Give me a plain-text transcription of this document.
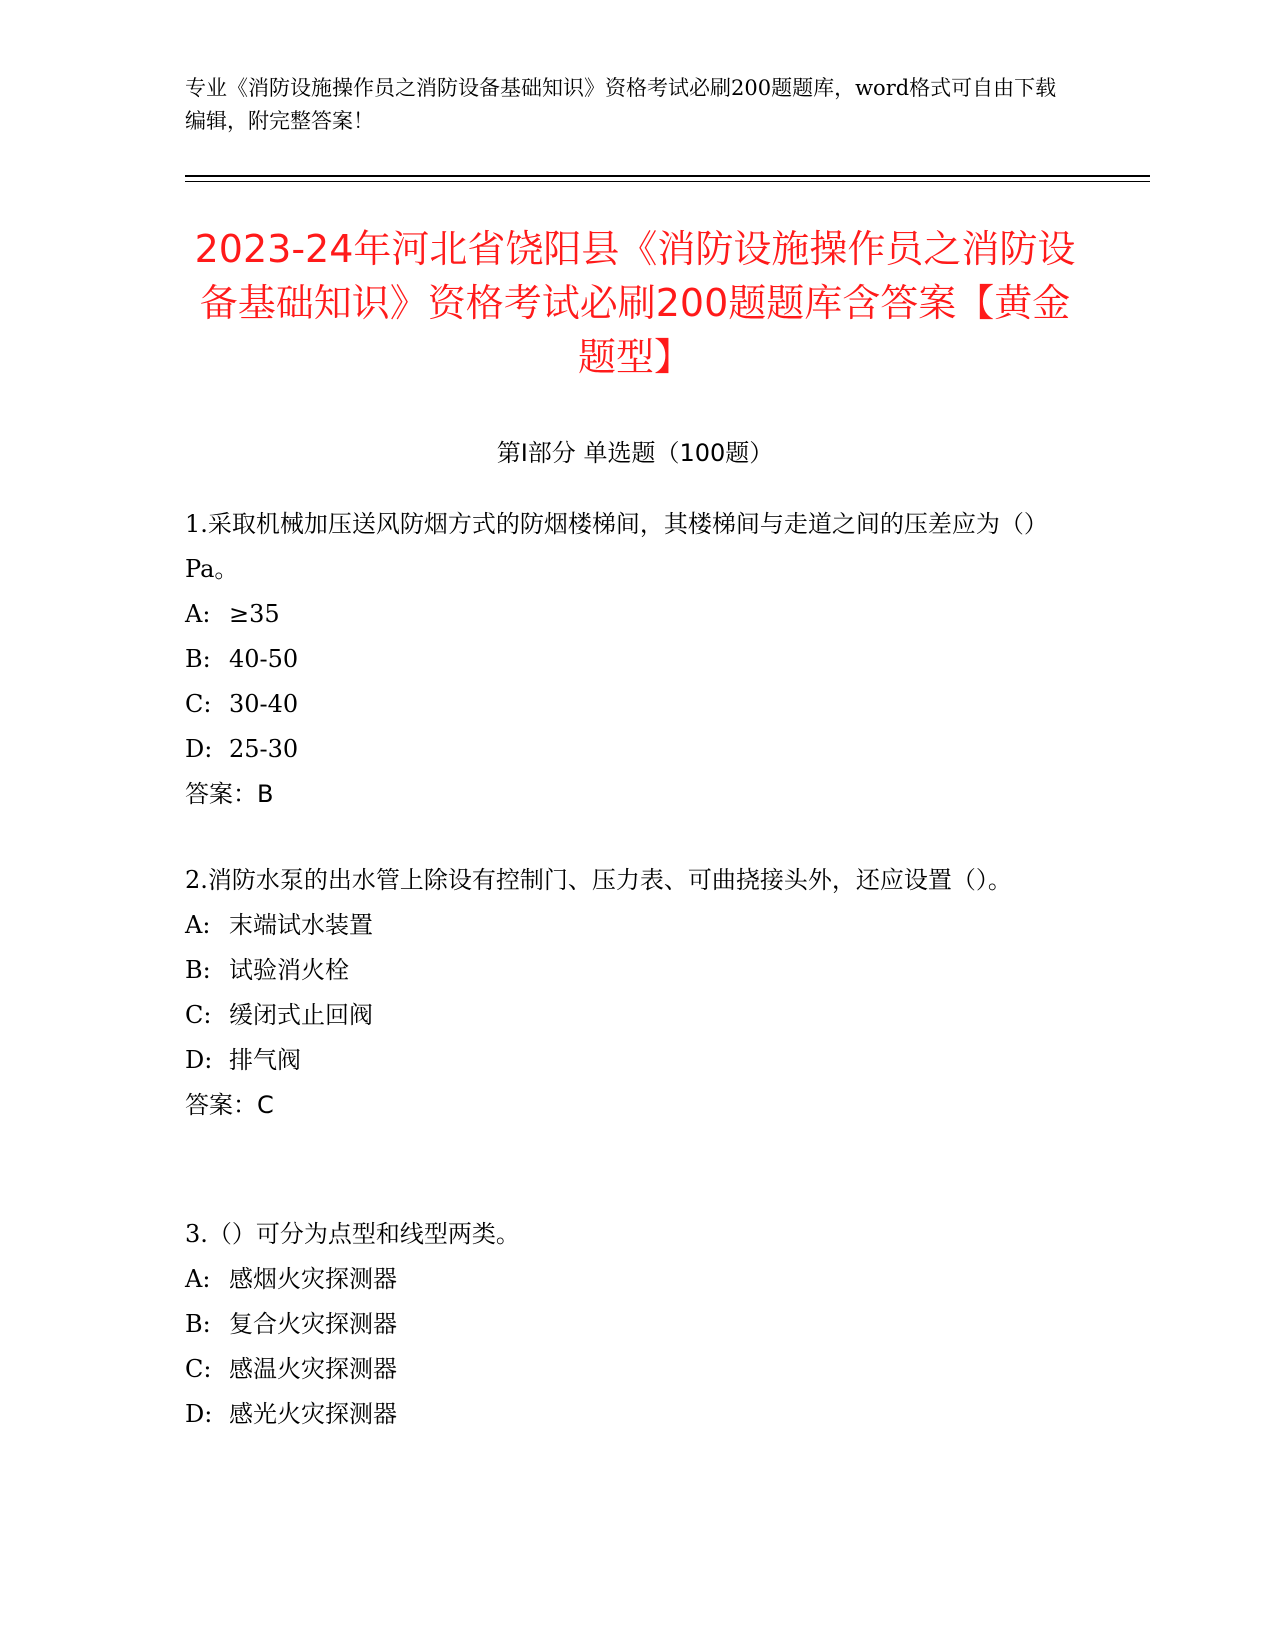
专业《消防设施操作员之消防设备基础知识》资格考试必刷200题题库，word格式可自由下载编辑，附完整答案！
2023-24年河北省饶阳县《消防设施操作员之消防设备基础知识》资格考试必刷200题题库含答案【黄金题型】
第I部分 单选题（100题）
1.采取机械加压送风防烟方式的防烟楼梯间，其楼梯间与走道之间的压差应为（）Pa。
A: ≥35
B: 40-50
C: 30-40
D: 25-30
答案：B
2.消防水泵的出水管上除设有控制门、压力表、可曲挠接头外，还应设置（）。
A: 末端试水装置
B: 试验消火栓
C: 缓闭式止回阀
D: 排气阀
答案：C
3.（）可分为点型和线型两类。
A: 感烟火灾探测器
B: 复合火灾探测器
C: 感温火灾探测器
D: 感光火灾探测器
